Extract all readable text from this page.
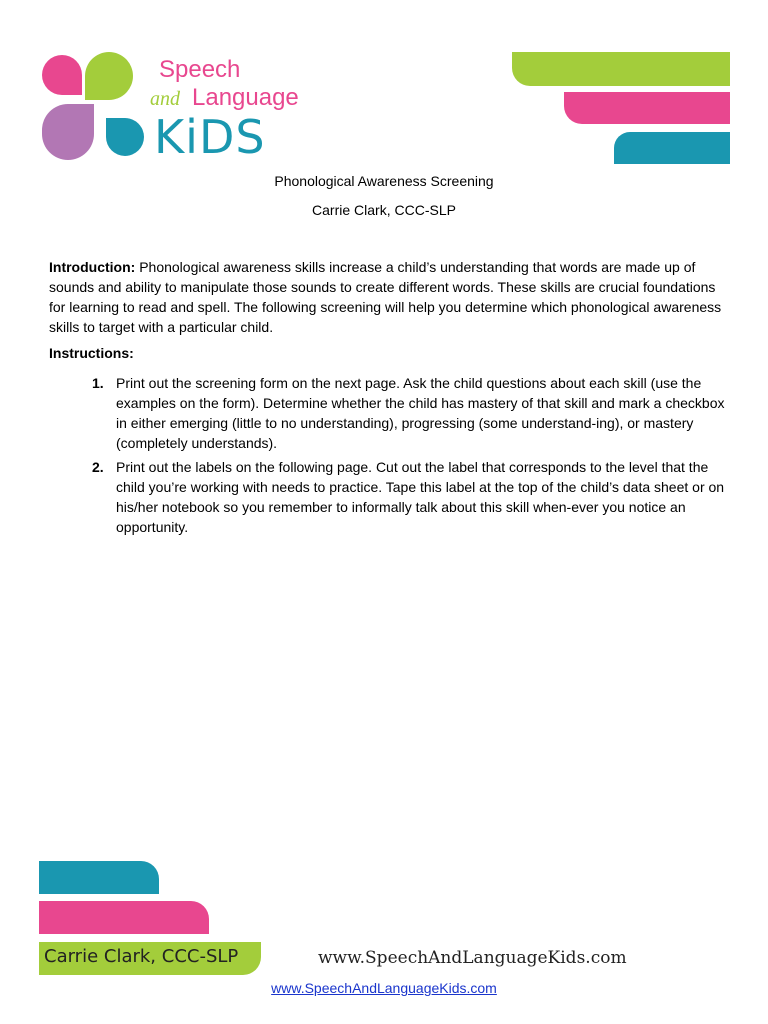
Speech
and Language
KiDS
Phonological Awareness Screening
Carrie Clark, CCC-SLP

Introduction: Phonological awareness skills increase a child’s understanding that words are made up of sounds and ability to manipulate those sounds to create different words. These skills are crucial foundations for learning to read and spell. The following screening will help you determine which phonological awareness skills to target with a particular child.

Instructions:
1. Print out the screening form on the next page. Ask the child questions about each skill (use the examples on the form). Determine whether the child has mastery of that skill and mark a checkbox in either emerging (little to no understanding), progressing (some understand-ing), or mastery (completely understands).
2. Print out the labels on the following page. Cut out the label that corresponds to the level that the child you’re working with needs to practice. Tape this label at the top of the child’s data sheet or on his/her notebook so you remember to informally talk about this skill when-ever you notice an opportunity.
Carrie Clark, CCC-SLP	www.SpeechAndLanguageKids.com
www.SpeechAndLanguageKids.com
